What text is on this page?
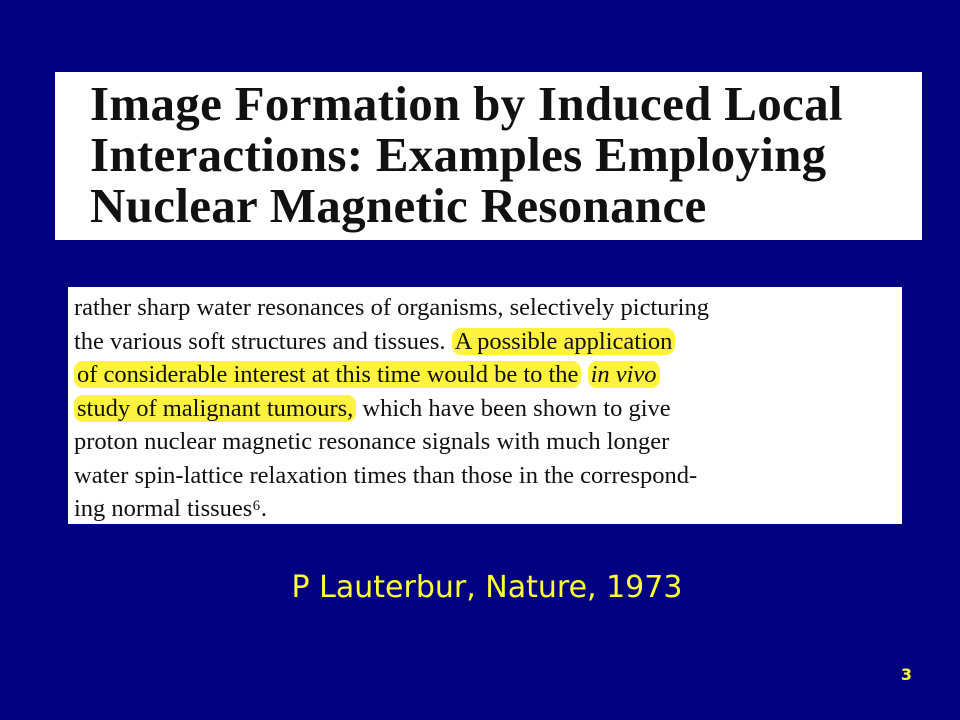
Image Formation by Induced Local
Interactions: Examples Employing
Nuclear Magnetic Resonance

rather sharp water resonances of organisms, selectively picturing
the various soft structures and tissues. A possible application
of considerable interest at this time would be to the in vivo
study of malignant tumours, which have been shown to give
proton nuclear magnetic resonance signals with much longer
water spin-lattice relaxation times than those in the correspond-
ing normal tissues⁶.

P Lauterbur, Nature, 1973

3
